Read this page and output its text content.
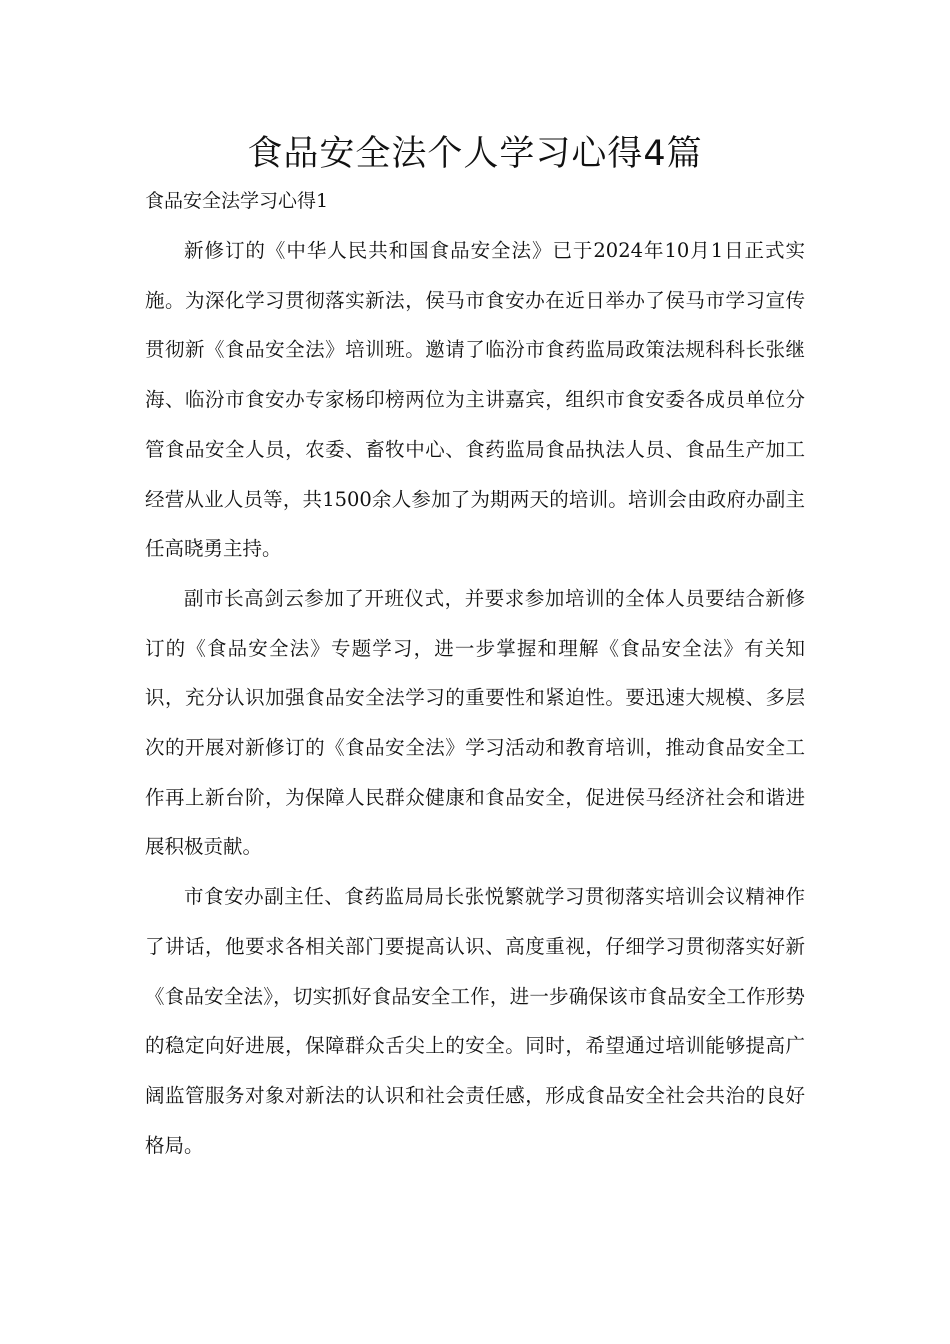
食品安全法个人学习心得4篇
食品安全法学习心得1

新修订的《中华人民共和国食品安全法》已于2024年10月1日正式实施。为深化学习贯彻落实新法，侯马市食安办在近日举办了侯马市学习宣传贯彻新《食品安全法》培训班。邀请了临汾市食药监局政策法规科科长张继海、临汾市食安办专家杨印榜两位为主讲嘉宾，组织市食安委各成员单位分管食品安全人员，农委、畜牧中心、食药监局食品执法人员、食品生产加工经营从业人员等，共1500余人参加了为期两天的培训。培训会由政府办副主任高晓勇主持。

副市长高剑云参加了开班仪式，并要求参加培训的全体人员要结合新修订的《食品安全法》专题学习，进一步掌握和理解《食品安全法》有关知识，充分认识加强食品安全法学习的重要性和紧迫性。要迅速大规模、多层次的开展对新修订的《食品安全法》学习活动和教育培训，推动食品安全工作再上新台阶，为保障人民群众健康和食品安全，促进侯马经济社会和谐进展积极贡献。

市食安办副主任、食药监局局长张悦繁就学习贯彻落实培训会议精神作了讲话，他要求各相关部门要提高认识、高度重视，仔细学习贯彻落实好新《食品安全法》，切实抓好食品安全工作，进一步确保该市食品安全工作形势的稳定向好进展，保障群众舌尖上的安全。同时，希望通过培训能够提高广阔监管服务对象对新法的认识和社会责任感，形成食品安全社会共治的良好格局。
